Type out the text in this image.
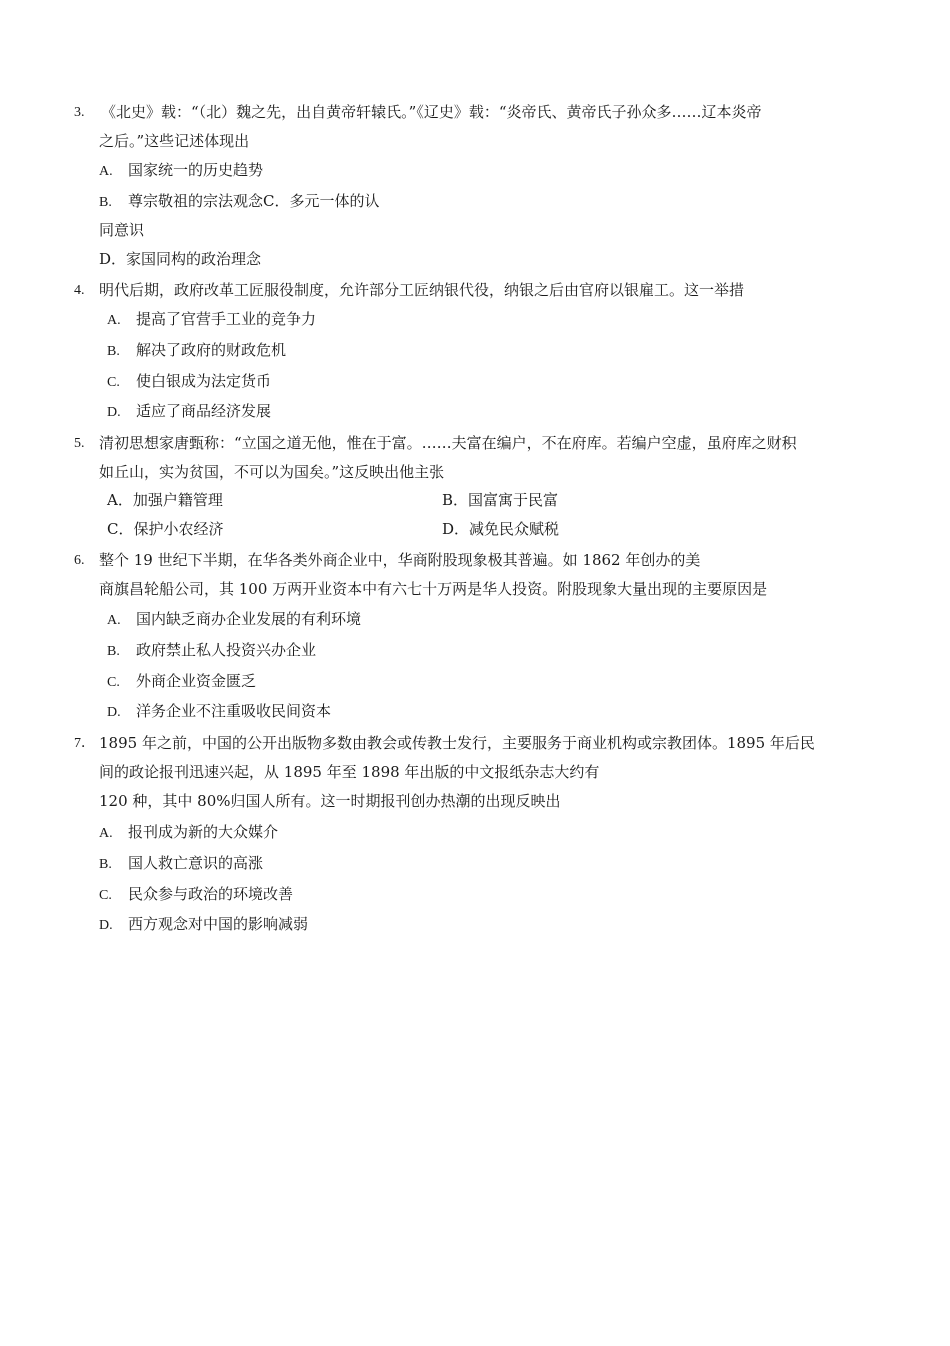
3. 《北史》载：“（北）魏之先，出自黄帝轩辕氏。”《辽史》载：“炎帝氏、黄帝氏子孙众多……辽本炎帝
之后。”这些记述体现出
A. 国家统一的历史趋势
B. 尊宗敬祖的宗法观念C．多元一体的认
同意识
D．家国同构的政治理念
4. 明代后期，政府改革工匠服役制度，允许部分工匠纳银代役，纳银之后由官府以银雇工。这一举措
A. 提高了官营手工业的竞争力
B. 解决了政府的财政危机
C. 使白银成为法定货币
D. 适应了商品经济发展
5. 清初思想家唐甄称：“立国之道无他，惟在于富。……夫富在编户，不在府库。若编户空虚，虽府库之财积
如丘山，实为贫国，不可以为国矣。”这反映出他主张
A．加强户籍管理	B．国富寓于民富
C．保护小农经济	D．减免民众赋税
6. 整个 19 世纪下半期，在华各类外商企业中，华商附股现象极其普遍。如 1862 年创办的美
商旗昌轮船公司，其 100 万两开业资本中有六七十万两是华人投资。附股现象大量出现的主要原因是
A. 国内缺乏商办企业发展的有利环境
B. 政府禁止私人投资兴办企业
C. 外商企业资金匮乏
D. 洋务企业不注重吸收民间资本
7． 1895 年之前，中国的公开出版物多数由教会或传教士发行，主要服务于商业机构或宗教团体。1895 年后民
间的政论报刊迅速兴起，从 1895 年至 1898 年出版的中文报纸杂志大约有
120 种，其中 80%归国人所有。这一时期报刊创办热潮的出现反映出
A. 报刊成为新的大众媒介
B. 国人救亡意识的高涨
C. 民众参与政治的环境改善
D. 西方观念对中国的影响减弱
